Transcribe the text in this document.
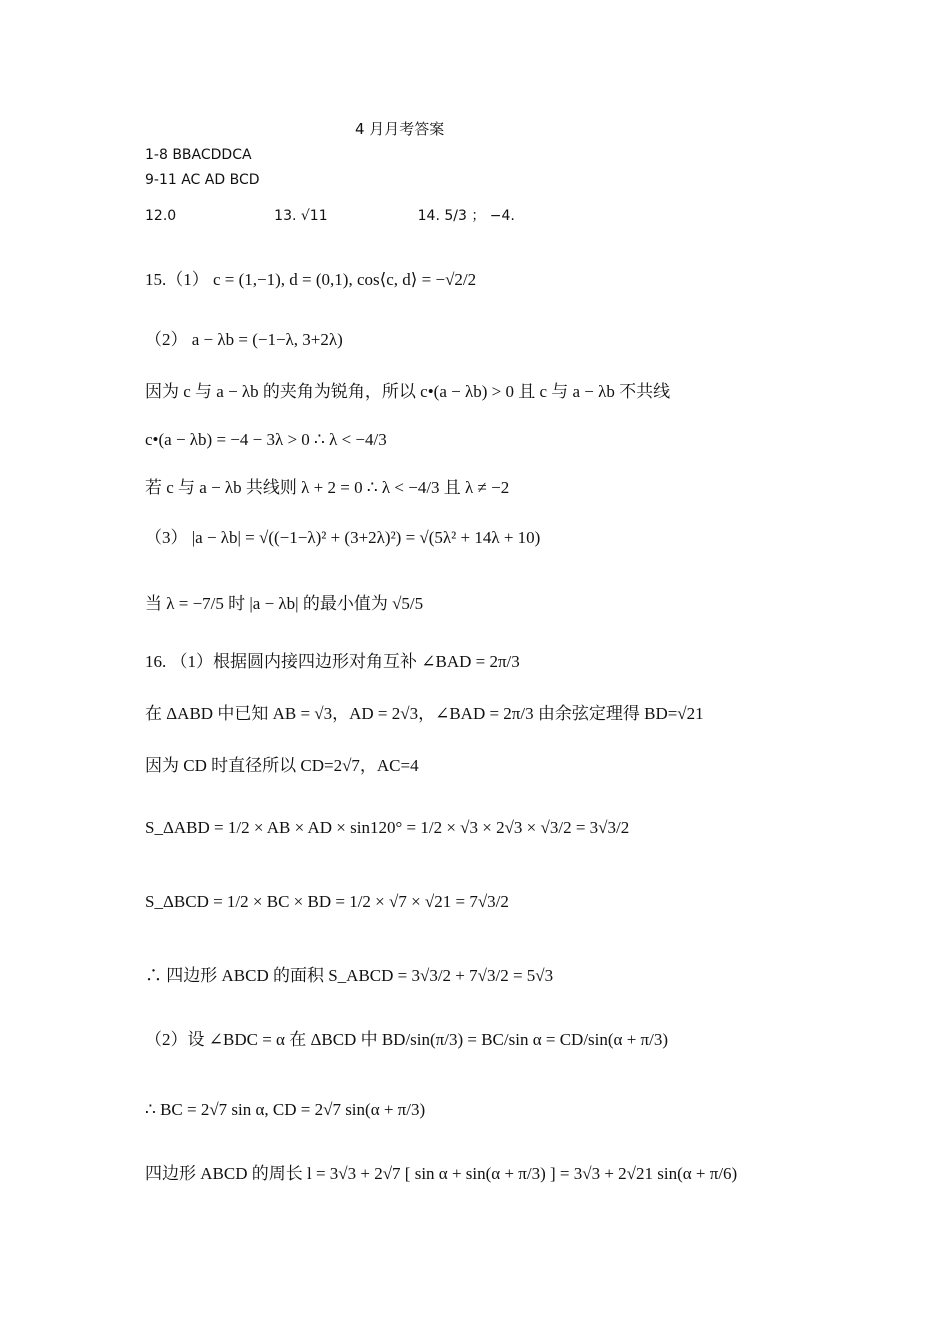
4 月月考答案
1-8 BBACDDCA
9-11 AC AD BCD
12.0	13. √11	14. 5/3 ； −4.
15.（1） c = (1,−1), d = (0,1), cos⟨c, d⟩ = −√2/2
（2） a − λb = (−1−λ, 3+2λ)
因为 c 与 a − λb 的夹角为锐角，所以 c•(a − λb) > 0 且 c 与 a − λb 不共线
c•(a − λb) = −4 − 3λ > 0 ∴ λ < −4/3
若 c 与 a − λb 共线则 λ + 2 = 0 ∴ λ < −4/3 且 λ ≠ −2
（3） |a − λb| = √((−1−λ)² + (3+2λ)²) = √(5λ² + 14λ + 10)
当 λ = −7/5 时 |a − λb| 的最小值为 √5/5
16. （1）根据圆内接四边形对角互补 ∠BAD = 2π/3
在 ΔABD 中已知 AB = √3，AD = 2√3，∠BAD = 2π/3 由余弦定理得 BD=√21
因为 CD 时直径所以 CD=2√7，AC=4
S_ΔABD = 1/2 × AB × AD × sin120° = 1/2 × √3 × 2√3 × √3/2 = 3√3/2
S_ΔBCD = 1/2 × BC × BD = 1/2 × √7 × √21 = 7√3/2
∴ 四边形 ABCD 的面积 S_ABCD = 3√3/2 + 7√3/2 = 5√3
（2）设 ∠BDC = α 在 ΔBCD 中 BD/sin(π/3) = BC/sin α = CD/sin(α + π/3)
∴ BC = 2√7 sin α, CD = 2√7 sin(α + π/3)
四边形 ABCD 的周长 l = 3√3 + 2√7 [ sin α + sin(α + π/3) ] = 3√3 + 2√21 sin(α + π/6)
